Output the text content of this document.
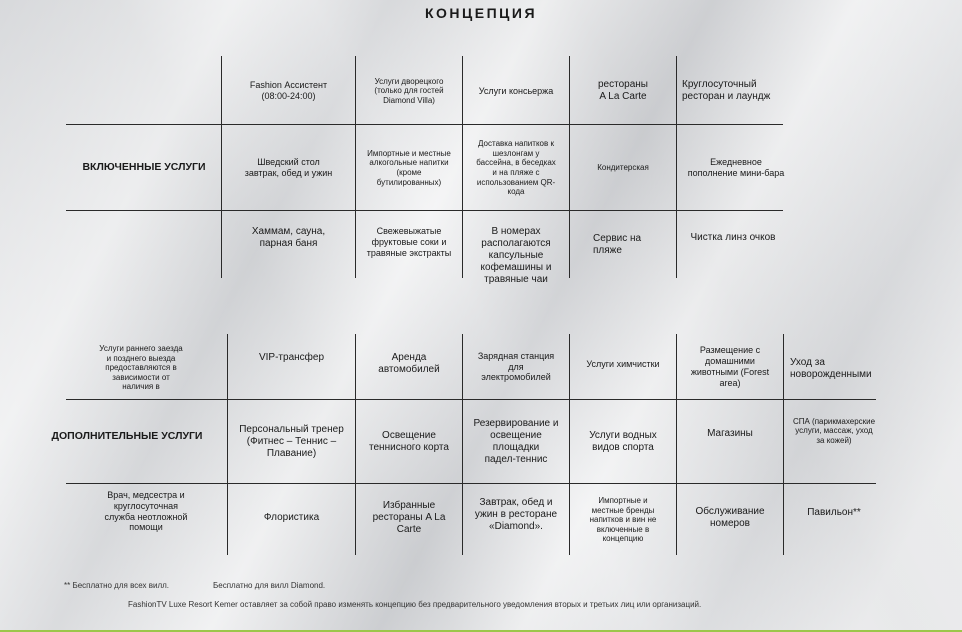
КОНЦЕПЦИЯ
ВКЛЮЧЕННЫЕ УСЛУГИ
Fashion Ассистент
(08:00-24:00)
Услуги дворецкого
(только для гостей
Diamond Villa)
Услуги консьержа
рестораны
A La Carte
Круглосуточный
ресторан и лаундж
Шведский стол
завтрак, обед и ужин
Импортные и местные
алкогольные напитки
(кроме
бутилированных)
Доставка напитков к
шезлонгам у
бассейна, в беседках
и на пляже с
использованием QR-
кода
Кондитерская
Ежедневное
пополнение мини-бара
Хаммам, сауна,
парная баня
Свежевыжатые
фруктовые соки и
травяные экстракты
В номерах
располагаются
капсульные
кофемашины и
травяные чаи
Сервис на
пляже
Чистка линз очков
ДОПОЛНИТЕЛЬНЫЕ УСЛУГИ
Услуги раннего заезда
и позднего выезда
предоставляются в
зависимости от
наличия в
Врач, медсестра и
круглосуточная
служба неотложной
помощи
VIP-трансфер	Аренда
автомобилей
Зарядная станция
для
электромобилей
Услуги химчистки
Размещение с
домашними
животными (Forest
area)
Уход за
новорожденными
Персональный тренер
(Фитнес – Теннис –
Плавание)
Освещение
теннисного корта
Резервирование и
освещение
площадки
падел-теннис
Услуги водных
видов спорта
Магазины
СПА (парикмахерские
услуги, массаж, уход
за кожей)
Флористика
Избранные
рестораны A La
Carte
Завтрак, обед и
ужин в ресторане
«Diamond».
Импортные и
местные бренды
напитков и вин не
включенные в
концепцию
Обслуживание
номеров
Павильон**
** Бесплатно для всех вилл.	Бесплатно для вилл Diamond.
FashionTV Luxe Resort Kemer оставляет за собой право изменять концепцию без предварительного уведомления вторых и третьих лиц или организаций.
